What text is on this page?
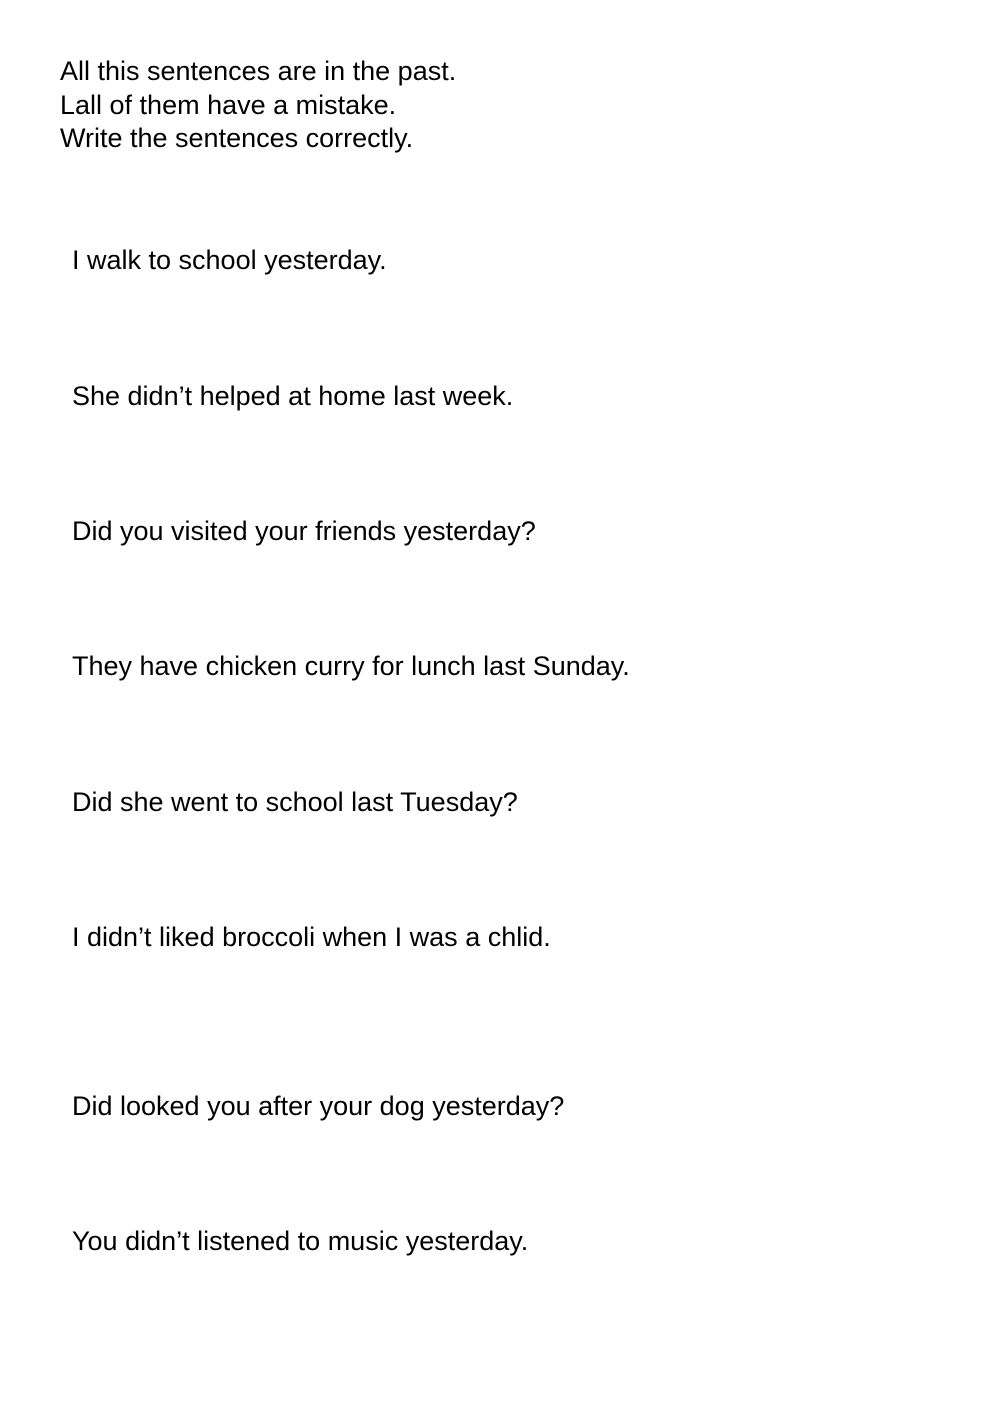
All this sentences are in the past.
Lall of them have a mistake.
Write the sentences correctly.

I walk to school yesterday.

She didn’t helped at home last week.

Did you visited your friends yesterday?

They have chicken curry for lunch last Sunday.

Did she went to school last Tuesday?

I didn’t liked broccoli when I was a chlid.

Did looked you after your dog yesterday?

You didn’t listened to music yesterday.
